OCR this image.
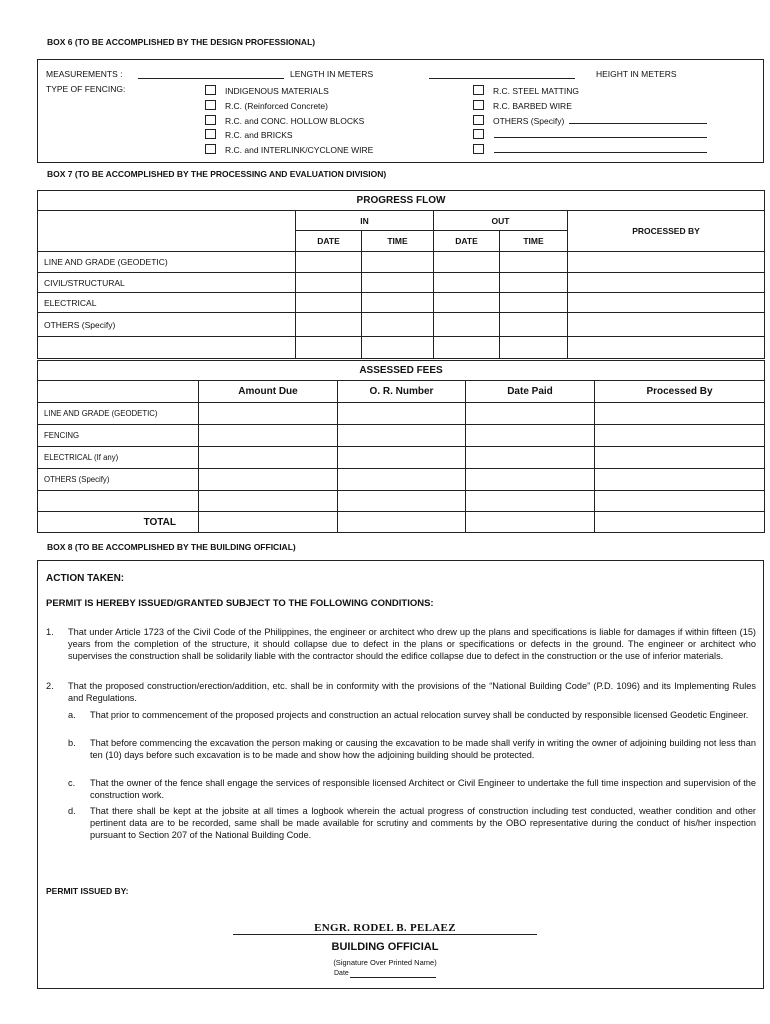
BOX 6 (TO BE ACCOMPLISHED BY THE DESIGN PROFESSIONAL)
MEASUREMENTS :	LENGTH IN METERS	HEIGHT IN METERS
TYPE OF FENCING:	INDIGENOUS MATERIALS
R.C. (Reinforced Concrete)
R.C. and CONC. HOLLOW BLOCKS
R.C. and BRICKS
R.C. and INTERLINK/CYCLONE WIRE
R.C. STEEL MATTING
R.C. BARBED WIRE
OTHERS (Specify)
BOX 7 (TO BE ACCOMPLISHED BY THE PROCESSING AND EVALUATION DIVISION)
PROGRESS FLOW					
	IN		OUT		PROCESSED BY
	DATE	TIME	DATE	TIME	
LINE AND GRADE (GEODETIC)					
CIVIL/STRUCTURAL					
ELECTRICAL					
OTHERS (Specify)					

ASSESSED FEES				
	Amount Due	O. R. Number	Date Paid	Processed By
LINE AND GRADE (GEODETIC)				
FENCING				
ELECTRICAL (If any)				
OTHERS (Specify)				

TOTAL				
BOX 8 (TO BE ACCOMPLISHED BY THE BUILDING OFFICIAL)
ACTION TAKEN:
PERMIT IS HEREBY ISSUED/GRANTED SUBJECT TO THE FOLLOWING CONDITIONS:
1. That under Article 1723 of the Civil Code of the Philippines, the engineer or architect who drew up the plans and specifications is liable for damages if within fifteen (15) years from the completion of the structure, it should collapse due to defect in the plans or specifications or defects in the ground. The engineer or architect who supervises the construction shall be solidarily liable with the contractor should the edifice collapse due to defect in the construction or the use of inferior materials.
2. That the proposed construction/erection/addition, etc. shall be in conformity with the provisions of the “National Building Code” (P.D. 1096) and its Implementing Rules and Regulations.
a. That prior to commencement of the proposed projects and construction an actual relocation survey shall be conducted by responsible licensed Geodetic Engineer.
b. That before commencing the excavation the person making or causing the excavation to be made shall verify in writing the owner of adjoining building not less than ten (10) days before such excavation is to be made and show how the adjoining building should be protected.
c. That the owner of the fence shall engage the services of responsible licensed Architect or Civil Engineer to undertake the full time inspection and supervision of the construction work.
d. That there shall be kept at the jobsite at all times a logbook wherein the actual progress of construction including test conducted, weather condition and other pertinent data are to be recorded, same shall be made available for scrutiny and comments by the OBO representative during the conduct of his/her inspection pursuant to Section 207 of the National Building Code.
PERMIT ISSUED BY:
ENGR. RODEL B. PELAEZ
BUILDING OFFICIAL
(Signature Over Printed Name)
Date
